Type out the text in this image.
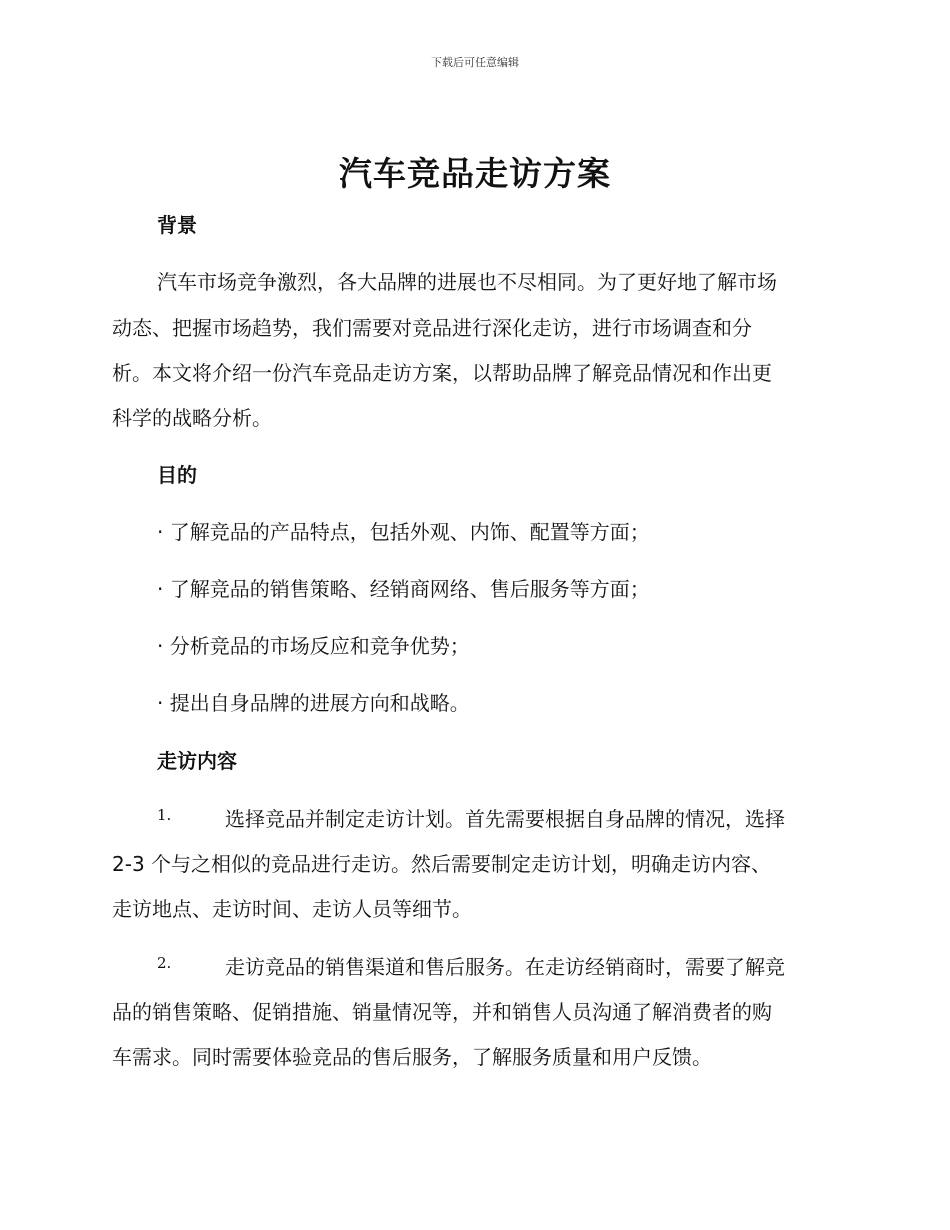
下载后可任意编辑
汽车竞品走访方案
背景

汽车市场竞争激烈，各大品牌的进展也不尽相同。为了更好地了解市场

动态、把握市场趋势，我们需要对竞品进行深化走访，进行市场调查和分

析。本文将介绍一份汽车竞品走访方案，以帮助品牌了解竞品情况和作出更

科学的战略分析。

目的

· 了解竞品的产品特点，包括外观、内饰、配置等方面；

· 了解竞品的销售策略、经销商网络、售后服务等方面；

· 分析竞品的市场反应和竞争优势；

· 提出自身品牌的进展方向和战略。

走访内容
1.	选择竞品并制定走访计划。首先需要根据自身品牌的情况，选择

2-3 个与之相似的竞品进行走访。然后需要制定走访计划，明确走访内容、

走访地点、走访时间、走访人员等细节。

2.	走访竞品的销售渠道和售后服务。在走访经销商时，需要了解竞

品的销售策略、促销措施、销量情况等，并和销售人员沟通了解消费者的购

车需求。同时需要体验竞品的售后服务，了解服务质量和用户反馈。
